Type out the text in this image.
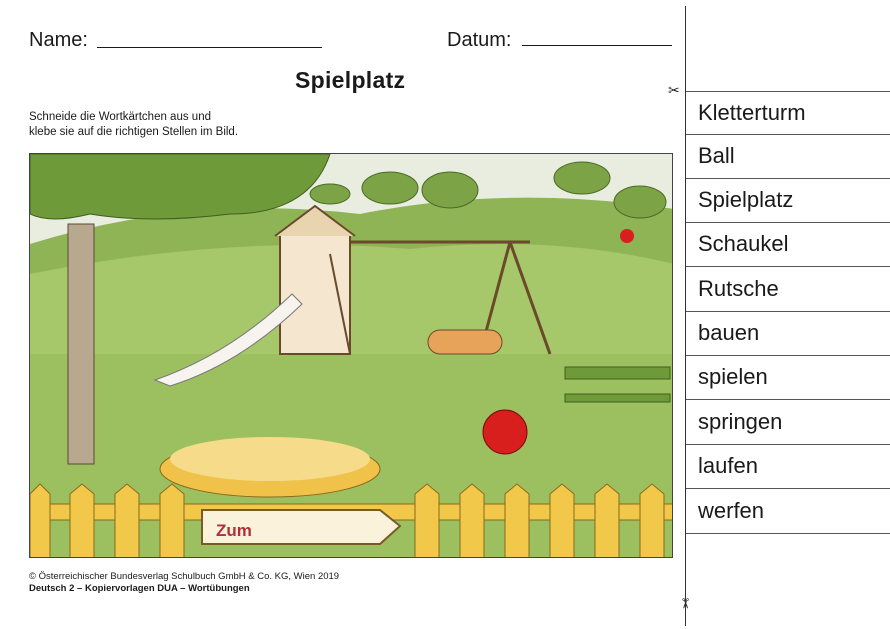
Name:	Datum:
Spielplatz
Schneide die Wortkärtchen aus und
klebe sie auf die richtigen Stellen im Bild.
Zum
© Österreichischer Bundesverlag Schulbuch GmbH & Co. KG, Wien 2019
Deutsch 2 – Kopiervorlagen DUA – Wortübungen
✂
✂
Kletterturm
Ball
Spielplatz
Schaukel
Rutsche
bauen
spielen
springen
laufen
werfen
